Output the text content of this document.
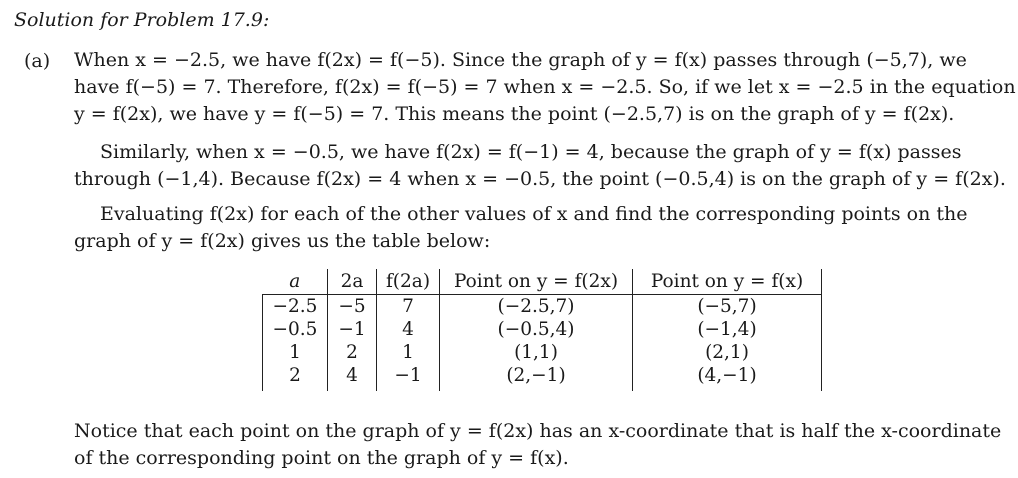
Solution for Problem 17.9:
(a) When x = −2.5, we have f(2x) = f(−5). Since the graph of y = f(x) passes through (−5,7), we
have f(−5) = 7. Therefore, f(2x) = f(−5) = 7 when x = −2.5. So, if we let x = −2.5 in the equation
y = f(2x), we have y = f(−5) = 7. This means the point (−2.5,7) is on the graph of y = f(2x).
Similarly, when x = −0.5, we have f(2x) = f(−1) = 4, because the graph of y = f(x) passes
through (−1,4). Because f(2x) = 4 when x = −0.5, the point (−0.5,4) is on the graph of y = f(2x).
Evaluating f(2x) for each of the other values of x and find the corresponding points on the
graph of y = f(2x) gives us the table below:
a	2a	f(2a)	Point on y = f(2x)	Point on y = f(x)
−2.5	−5	7	(−2.5,7)	(−5,7)
−0.5	−1	4	(−0.5,4)	(−1,4)
1	2	1	(1,1)	(2,1)
2	4	−1	(2,−1)	(4,−1)
Notice that each point on the graph of y = f(2x) has an x-coordinate that is half the x-coordinate
of the corresponding point on the graph of y = f(x).
